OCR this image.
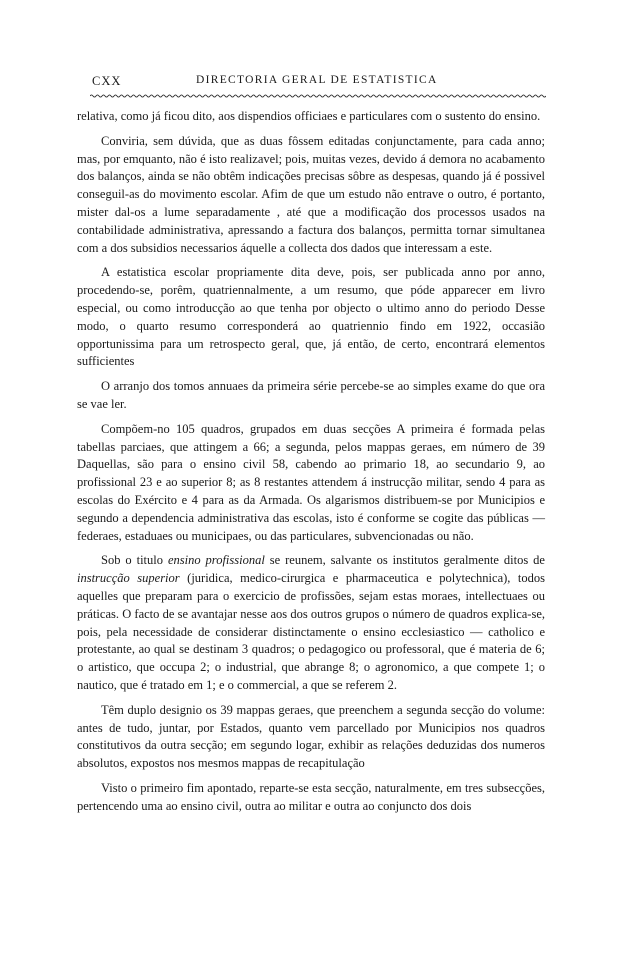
CXX	DIRECTORIA GERAL DE ESTATISTICA

relativa, como já ficou dito, aos dispendios officiaes e particulares com o sustento do ensino.

Conviria, sem dúvida, que as duas fôssem editadas conjunctamente, para cada anno; mas, por emquanto, não é isto realizavel; pois, muitas vezes, devido á demora no acabamento dos balanços, ainda se não obtêm indicações precisas sôbre as despesas, quando já é possivel conseguil-as do movimento escolar. Afim de que um estudo não entrave o outro, é portanto, mister dal-os a lume separadamente , até que a modificação dos processos usados na contabilidade administrativa, apressando a factura dos balanços, permitta tornar simultanea com a dos subsidios necessarios áquelle a collecta dos dados que interessam a este.

A estatistica escolar propriamente dita deve, pois, ser publicada anno por anno, procedendo-se, porêm, quatriennalmente, a um resumo, que póde apparecer em livro especial, ou como introducção ao que tenha por objecto o ultimo anno do periodo Desse modo, o quarto resumo corresponderá ao quatriennio findo em 1922, occasião opportunissima para um retrospecto geral, que, já então, de certo, encontrará elementos sufficientes

O arranjo dos tomos annuaes da primeira série percebe-se ao simples exame do que ora se vae ler.

Compõem-no 105 quadros, grupados em duas secções A primeira é formada pelas tabellas parciaes, que attingem a 66; a segunda, pelos mappas geraes, em número de 39 Daquellas, são para o ensino civil 58, cabendo ao primario 18, ao secundario 9, ao profissional 23 e ao superior 8; as 8 restantes attendem á instrucção militar, sendo 4 para as escolas do Exército e 4 para as da Armada. Os algarismos distribuem-se por Municipios e segundo a dependencia administrativa das escolas, isto é conforme se cogite das públicas — federaes, estaduaes ou municipaes, ou das particulares, subvencionadas ou não.

Sob o titulo ensino profissional se reunem, salvante os institutos geralmente ditos de instrucção superior (juridica, medico-cirurgica e pharmaceutica e polytechnica), todos aquelles que preparam para o exercicio de profissões, sejam estas moraes, intellectuaes ou práticas. O facto de se avantajar nesse aos dos outros grupos o número de quadros explica-se, pois, pela necessidade de considerar distinctamente o ensino ecclesiastico — catholico e protestante, ao qual se destinam 3 quadros; o pedagogico ou professoral, que é materia de 6; o artistico, que occupa 2; o industrial, que abrange 8; o agronomico, a que compete 1; o nautico, que é tratado em 1; e o commercial, a que se referem 2.

Têm duplo designio os 39 mappas geraes, que preenchem a segunda secção do volume: antes de tudo, juntar, por Estados, quanto vem parcellado por Municipios nos quadros constitutivos da outra secção; em segundo logar, exhibir as relações deduzidas dos numeros absolutos, expostos nos mesmos mappas de recapitulação

Visto o primeiro fim apontado, reparte-se esta secção, naturalmente, em tres subsecções, pertencendo uma ao ensino civil, outra ao militar e outra ao conjuncto dos dois
